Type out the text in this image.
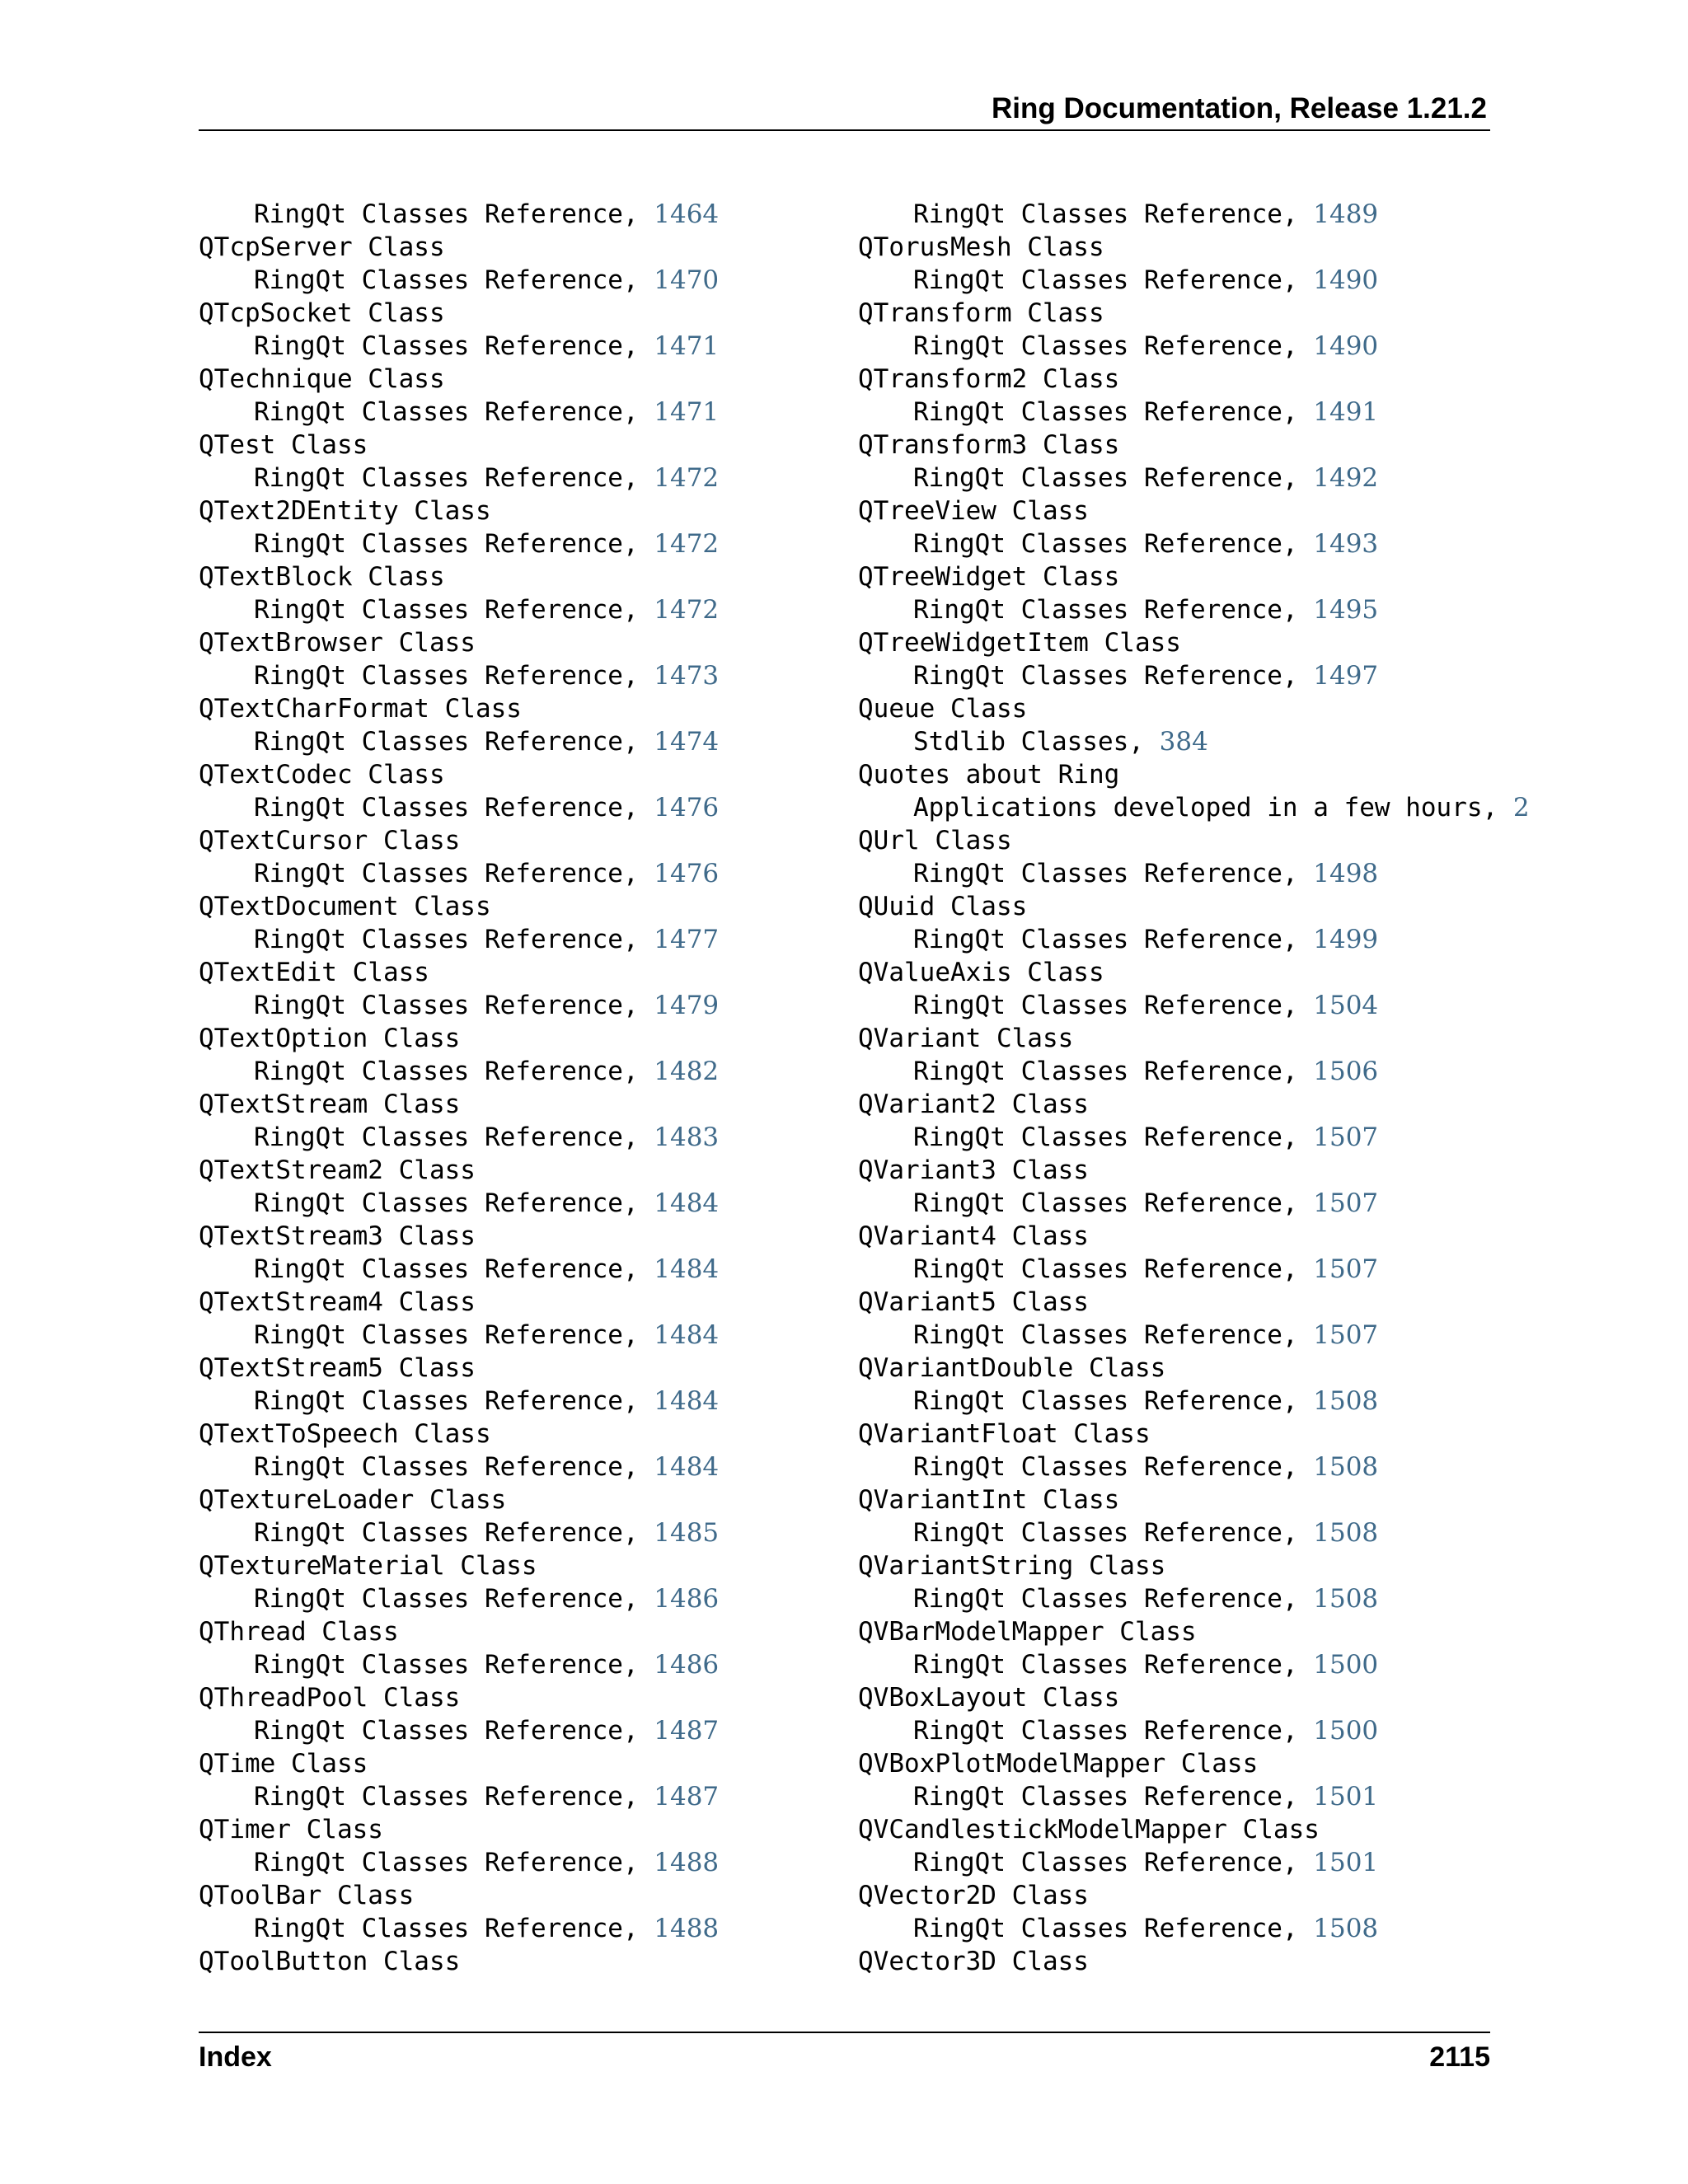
Ring Documentation, Release 1.21.2
RingQt Classes Reference, 1464
QTcpServer Class
RingQt Classes Reference, 1470
QTcpSocket Class
RingQt Classes Reference, 1471
QTechnique Class
RingQt Classes Reference, 1471
QTest Class
RingQt Classes Reference, 1472
QText2DEntity Class
RingQt Classes Reference, 1472
QTextBlock Class
RingQt Classes Reference, 1472
QTextBrowser Class
RingQt Classes Reference, 1473
QTextCharFormat Class
RingQt Classes Reference, 1474
QTextCodec Class
RingQt Classes Reference, 1476
QTextCursor Class
RingQt Classes Reference, 1476
QTextDocument Class
RingQt Classes Reference, 1477
QTextEdit Class
RingQt Classes Reference, 1479
QTextOption Class
RingQt Classes Reference, 1482
QTextStream Class
RingQt Classes Reference, 1483
QTextStream2 Class
RingQt Classes Reference, 1484
QTextStream3 Class
RingQt Classes Reference, 1484
QTextStream4 Class
RingQt Classes Reference, 1484
QTextStream5 Class
RingQt Classes Reference, 1484
QTextToSpeech Class
RingQt Classes Reference, 1484
QTextureLoader Class
RingQt Classes Reference, 1485
QTextureMaterial Class
RingQt Classes Reference, 1486
QThread Class
RingQt Classes Reference, 1486
QThreadPool Class
RingQt Classes Reference, 1487
QTime Class
RingQt Classes Reference, 1487
QTimer Class
RingQt Classes Reference, 1488
QToolBar Class
RingQt Classes Reference, 1488
QToolButton Class
RingQt Classes Reference, 1489
QTorusMesh Class
RingQt Classes Reference, 1490
QTransform Class
RingQt Classes Reference, 1490
QTransform2 Class
RingQt Classes Reference, 1491
QTransform3 Class
RingQt Classes Reference, 1492
QTreeView Class
RingQt Classes Reference, 1493
QTreeWidget Class
RingQt Classes Reference, 1495
QTreeWidgetItem Class
RingQt Classes Reference, 1497
Queue Class
Stdlib Classes, 384
Quotes about Ring
Applications developed in a few hours, 2
QUrl Class
RingQt Classes Reference, 1498
QUuid Class
RingQt Classes Reference, 1499
QValueAxis Class
RingQt Classes Reference, 1504
QVariant Class
RingQt Classes Reference, 1506
QVariant2 Class
RingQt Classes Reference, 1507
QVariant3 Class
RingQt Classes Reference, 1507
QVariant4 Class
RingQt Classes Reference, 1507
QVariant5 Class
RingQt Classes Reference, 1507
QVariantDouble Class
RingQt Classes Reference, 1508
QVariantFloat Class
RingQt Classes Reference, 1508
QVariantInt Class
RingQt Classes Reference, 1508
QVariantString Class
RingQt Classes Reference, 1508
QVBarModelMapper Class
RingQt Classes Reference, 1500
QVBoxLayout Class
RingQt Classes Reference, 1500
QVBoxPlotModelMapper Class
RingQt Classes Reference, 1501
QVCandlestickModelMapper Class
RingQt Classes Reference, 1501
QVector2D Class
RingQt Classes Reference, 1508
QVector3D Class
Index	2115
